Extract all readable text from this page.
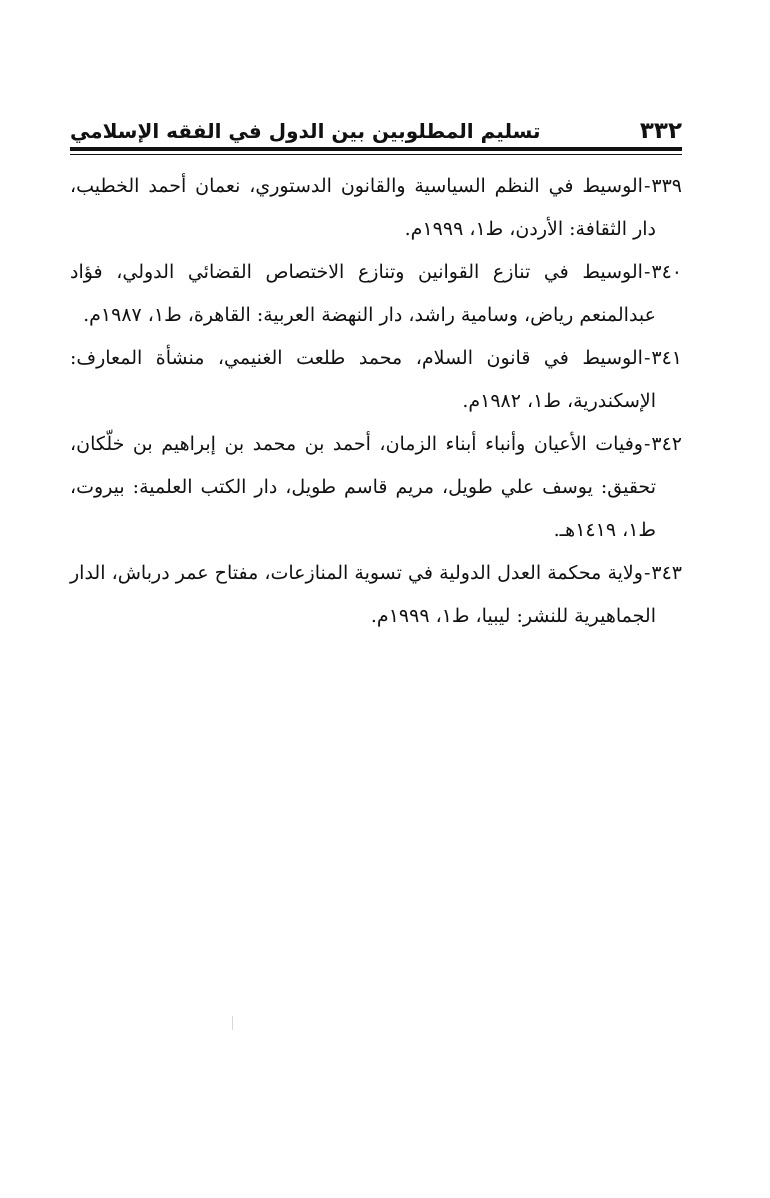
٣٣٢
تسليم المطلوبين بين الدول في الفقه الإسلامي

٣٣٩-الوسيط في النظم السياسية والقانون الدستوري، نعمان أحمد الخطيب، دار الثقافة: الأردن، ط١، ١٩٩٩م.

٣٤٠-الوسيط في تنازع القوانين وتنازع الاختصاص القضائي الدولي، فؤاد عبدالمنعم رياض، وسامية راشد، دار النهضة العربية: القاهرة، ط١، ١٩٨٧م.

٣٤١-الوسيط في قانون السلام، محمد طلعت الغنيمي، منشأة المعارف: الإسكندرية، ط١، ١٩٨٢م.

٣٤٢-وفيات الأعيان وأنباء أبناء الزمان، أحمد بن محمد بن إبراهيم بن خلّكان، تحقيق: يوسف علي طويل، مريم قاسم طويل، دار الكتب العلمية: بيروت، ط١، ١٤١٩هـ.

٣٤٣-ولاية محكمة العدل الدولية في تسوية المنازعات، مفتاح عمر درباش، الدار الجماهيرية للنشر: ليبيا، ط١، ١٩٩٩م.
